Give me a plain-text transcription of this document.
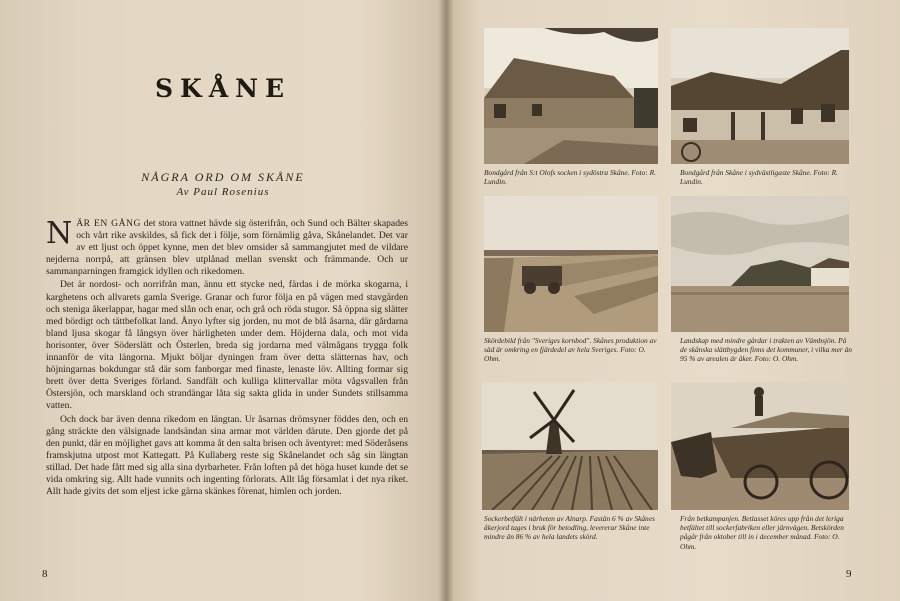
SKÅNE
NÅGRA ORD OM SKÅNE
Av Paul Rosenius

NÄR EN GÅNG det stora vattnet hävde sig österifrån, och Sund och Bälter skapades och vårt rike avskildes, så fick det i följe, som förnämlig gåva, Skånelandet. Det var av ett ljust och öppet kynne, men det blev omsider så sammangjutet med de vildare nejderna norrpå, att gränsen blev utplånad mellan svenskt och främmande. Och ur sammanparningen framgick idyllen och rikedomen.

Det är nordost- och norrifrån man, ännu ett stycke ned, färdas i de mörka skogarna, i karghetens och allvarets gamla Sverige. Granar och furor följa en på vägen med stavgärden och steniga åkerlappar, hagar med slån och enar, och grå och röda stugor. Så öppna sig slätter med bördigt och tättbefolkat land. Ånyo lyfter sig jorden, nu mot de blå åsarna, där gårdarna bland ljusa skogar få långsyn över härligheten under dem. Höjderna dala, och mot vida horisonter, över Söderslätt och Österlen, breda sig jordarna med välmågans trygga folk innanför de vita längorna. Mjukt böljar dyningen fram över detta slätternas hav, och höjningarnas bokdungar stå där som fanborgar med finaste, lenaste löv. Allting formar sig brett över detta Sveriges förland. Sandfält och kulliga klittervallar möta vågsvallen från Östersjön, och marskland och strandängar låta sig sakta glida in under Sundets stillsamma vatten.

Och dock bar även denna rikedom en längtan. Ur åsarnas drömsyner föddes den, och en gång sträckte den välsignade landsändan sina armar mot världen därute. Den gjorde det på den punkt, där en möjlighet gavs att komma åt den salta brisen och äventyret: med Söderåsens framskjutna utpost mot Kattegatt. På Kullaberg reste sig Skånelandet och såg sin längtan stillad. Det hade fått med sig alla sina dyrbarheter. Från loften på det höga huset kunde det se vida omkring sig. Allt hade vunnits och ingenting förlorats. Allt låg församlat i det nya riket. Allt hade givits det som eljest icke gärna skänkes förenat, himlen och jorden.

8
Bondgård från S:t Olofs socken i sydöstra Skåne. Foto: R. Lundin.
Bondgård från Skåne i sydvästligaste Skåne. Foto: R. Lundin.
Skördebild från "Sveriges kornbod". Skånes produktion av säd är omkring en fjärdedel av hela Sveriges. Foto: O. Ohm.
Landskap med mindre gårdar i trakten av Vämbsjön. På de skånska slättbygden finns det kommuner, i vilka mer än 95 % av arealen är åker. Foto: O. Ohm.
Sockerbetfält i närheten av Alnarp. Fastän 6 % av Skånes åkerjord tages i bruk för betodling, levererar Skåne inte mindre än 86 % av hela landets skörd.
Från betkampanjen. Betlasset köres upp från det leriga betfältet till sockerfabriken eller järnvägen. Betskörden pågår från oktober till in i december månad. Foto: O. Ohm.
9
